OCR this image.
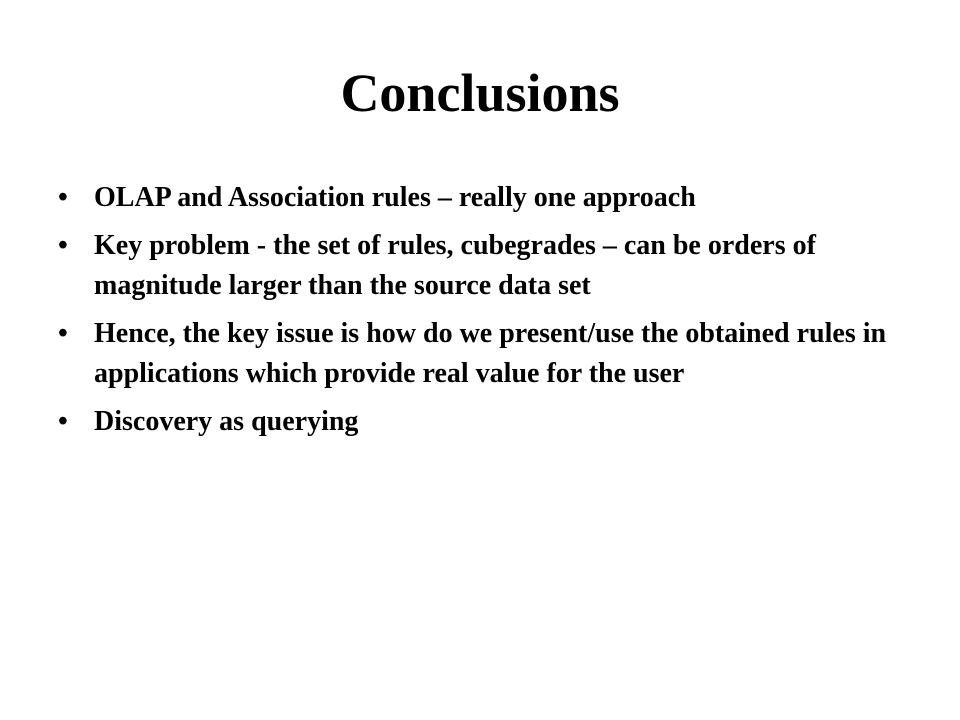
Conclusions
• OLAP and Association rules – really one approach
• Key problem - the set of rules, cubegrades – can be orders of magnitude larger than the source data set
• Hence, the key issue is how do we present/use the obtained rules in applications which provide real value for the user
• Discovery as querying
